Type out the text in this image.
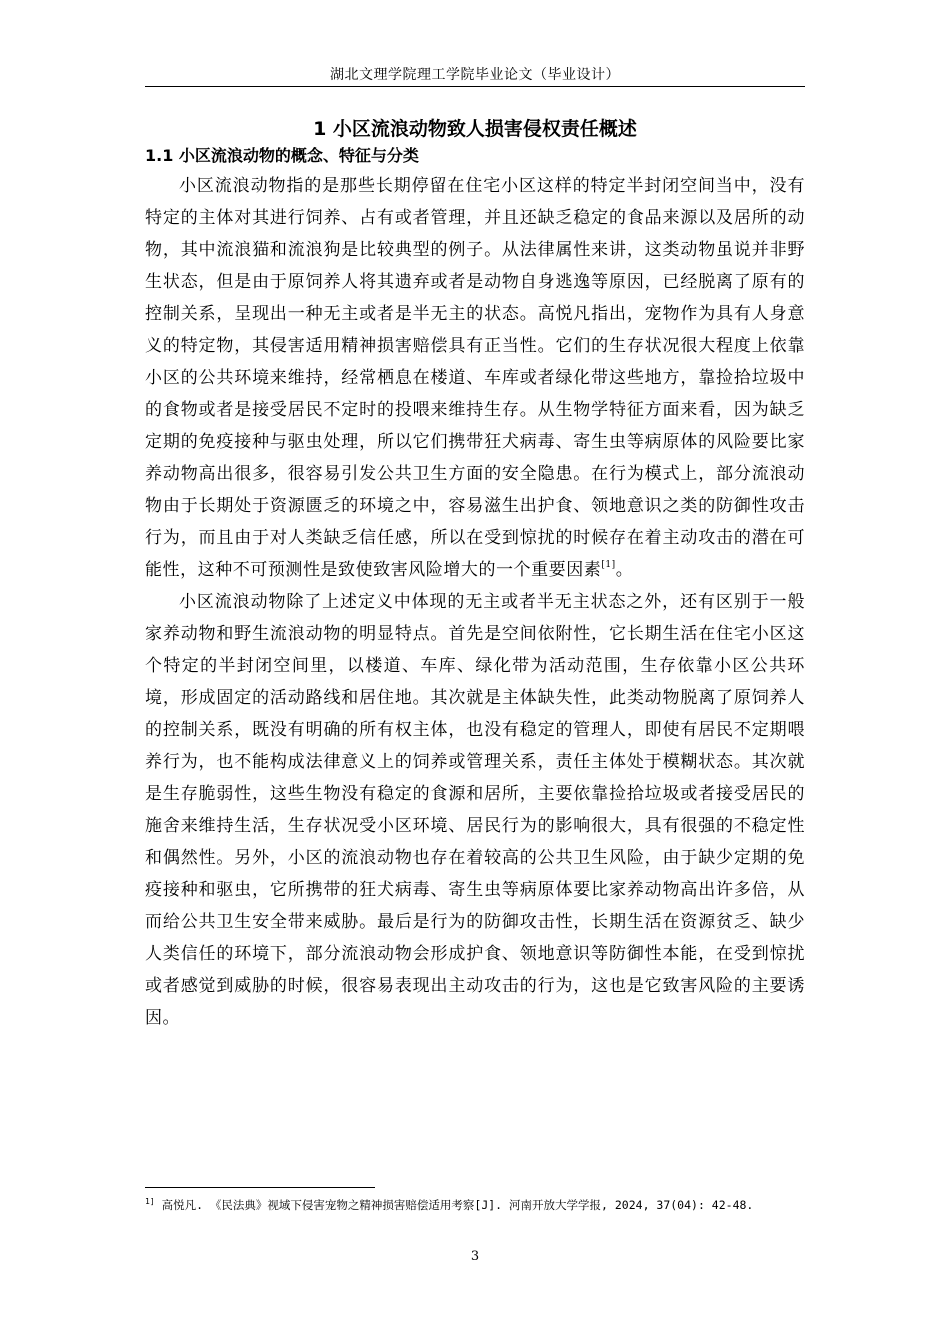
湖北文理学院理工学院毕业论文（毕业设计）
1 小区流浪动物致人损害侵权责任概述
1.1 小区流浪动物的概念、特征与分类

小区流浪动物指的是那些长期停留在住宅小区这样的特定半封闭空间当中，没有特定的主体对其进行饲养、占有或者管理，并且还缺乏稳定的食品来源以及居所的动物，其中流浪猫和流浪狗是比较典型的例子。从法律属性来讲，这类动物虽说并非野生状态，但是由于原饲养人将其遗弃或者是动物自身逃逸等原因，已经脱离了原有的控制关系，呈现出一种无主或者是半无主的状态。高悦凡指出，宠物作为具有人身意义的特定物，其侵害适用精神损害赔偿具有正当性。它们的生存状况很大程度上依靠小区的公共环境来维持，经常栖息在楼道、车库或者绿化带这些地方，靠捡拾垃圾中的食物或者是接受居民不定时的投喂来维持生存。从生物学特征方面来看，因为缺乏定期的免疫接种与驱虫处理，所以它们携带狂犬病毒、寄生虫等病原体的风险要比家养动物高出很多，很容易引发公共卫生方面的安全隐患。在行为模式上，部分流浪动物由于长期处于资源匮乏的环境之中，容易滋生出护食、领地意识之类的防御性攻击行为，而且由于对人类缺乏信任感，所以在受到惊扰的时候存在着主动攻击的潜在可能性，这种不可预测性是致使致害风险增大的一个重要因素[1]。

小区流浪动物除了上述定义中体现的无主或者半无主状态之外，还有区别于一般家养动物和野生流浪动物的明显特点。首先是空间依附性，它长期生活在住宅小区这个特定的半封闭空间里，以楼道、车库、绿化带为活动范围，生存依靠小区公共环境，形成固定的活动路线和居住地。其次就是主体缺失性，此类动物脱离了原饲养人的控制关系，既没有明确的所有权主体，也没有稳定的管理人，即使有居民不定期喂养行为，也不能构成法律意义上的饲养或管理关系，责任主体处于模糊状态。其次就是生存脆弱性，这些生物没有稳定的食源和居所，主要依靠捡拾垃圾或者接受居民的施舍来维持生活，生存状况受小区环境、居民行为的影响很大，具有很强的不稳定性和偶然性。另外，小区的流浪动物也存在着较高的公共卫生风险，由于缺少定期的免疫接种和驱虫，它所携带的狂犬病毒、寄生虫等病原体要比家养动物高出许多倍，从而给公共卫生安全带来威胁。最后是行为的防御攻击性，长期生活在资源贫乏、缺少人类信任的环境下，部分流浪动物会形成护食、领地意识等防御性本能，在受到惊扰或者感觉到威胁的时候，很容易表现出主动攻击的行为，这也是它致害风险的主要诱因。

$^{1]}$ 高悦凡. 《民法典》视域下侵害宠物之精神损害赔偿适用考察[J]. 河南开放大学学报, 2024, 37(04): 42-48.

3
